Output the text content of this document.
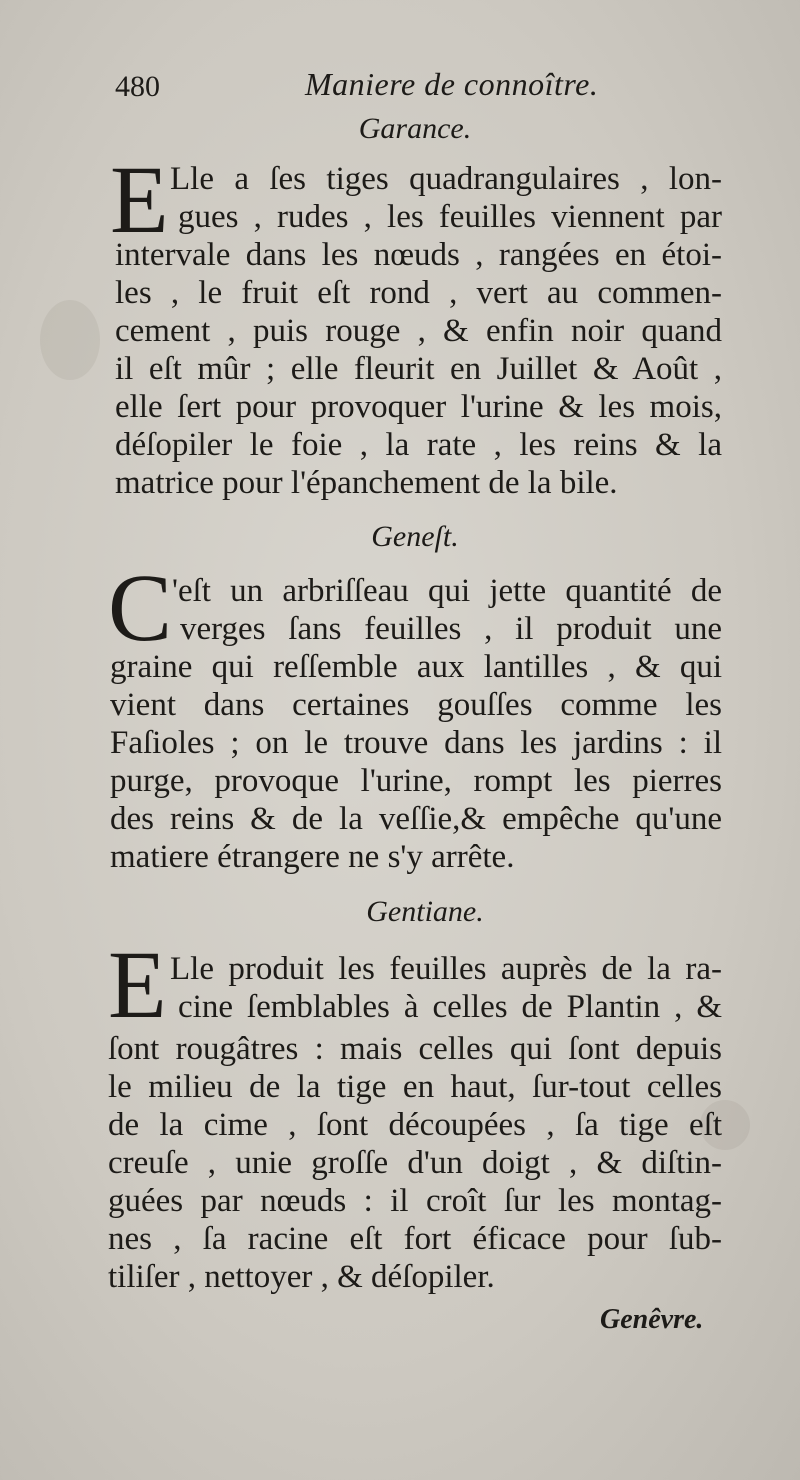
480	Maniere de connoître.
Garance.
E Lle a ſes tiges quadrangulaires , lon-
gues , rudes , les feuilles viennent par
intervale dans les nœuds , rangées en étoi-
les , le fruit eſt rond , vert au commen-
cement , puis rouge , & enfin noir quand
il eſt mûr ; elle fleurit en Juillet & Août ,
elle ſert pour provoquer l'urine & les mois,
déſopiler le foie , la rate , les reins & la
matrice pour l'épanchement de la bile.
Geneſt.
C 'eſt un arbriſſeau qui jette quantité de
verges ſans feuilles , il produit une
graine qui reſſemble aux lantilles , & qui
vient dans certaines gouſſes comme les
Faſioles ; on le trouve dans les jardins : il
purge, provoque l'urine, rompt les pierres
des reins & de la veſſie,& empêche qu'une
matiere étrangere ne s'y arrête.
Gentiane.
E Lle produit les feuilles auprès de la ra-
cine ſemblables à celles de Plantin , &
ſont rougâtres : mais celles qui ſont depuis
le milieu de la tige en haut, ſur-tout celles
de la cime , ſont découpées , ſa tige eſt
creuſe , unie groſſe d'un doigt , & diſtin-
guées par nœuds : il croît ſur les montag-
nes , ſa racine eſt fort éficace pour ſub-
tiliſer , nettoyer , & déſopiler.
Genêvre.
